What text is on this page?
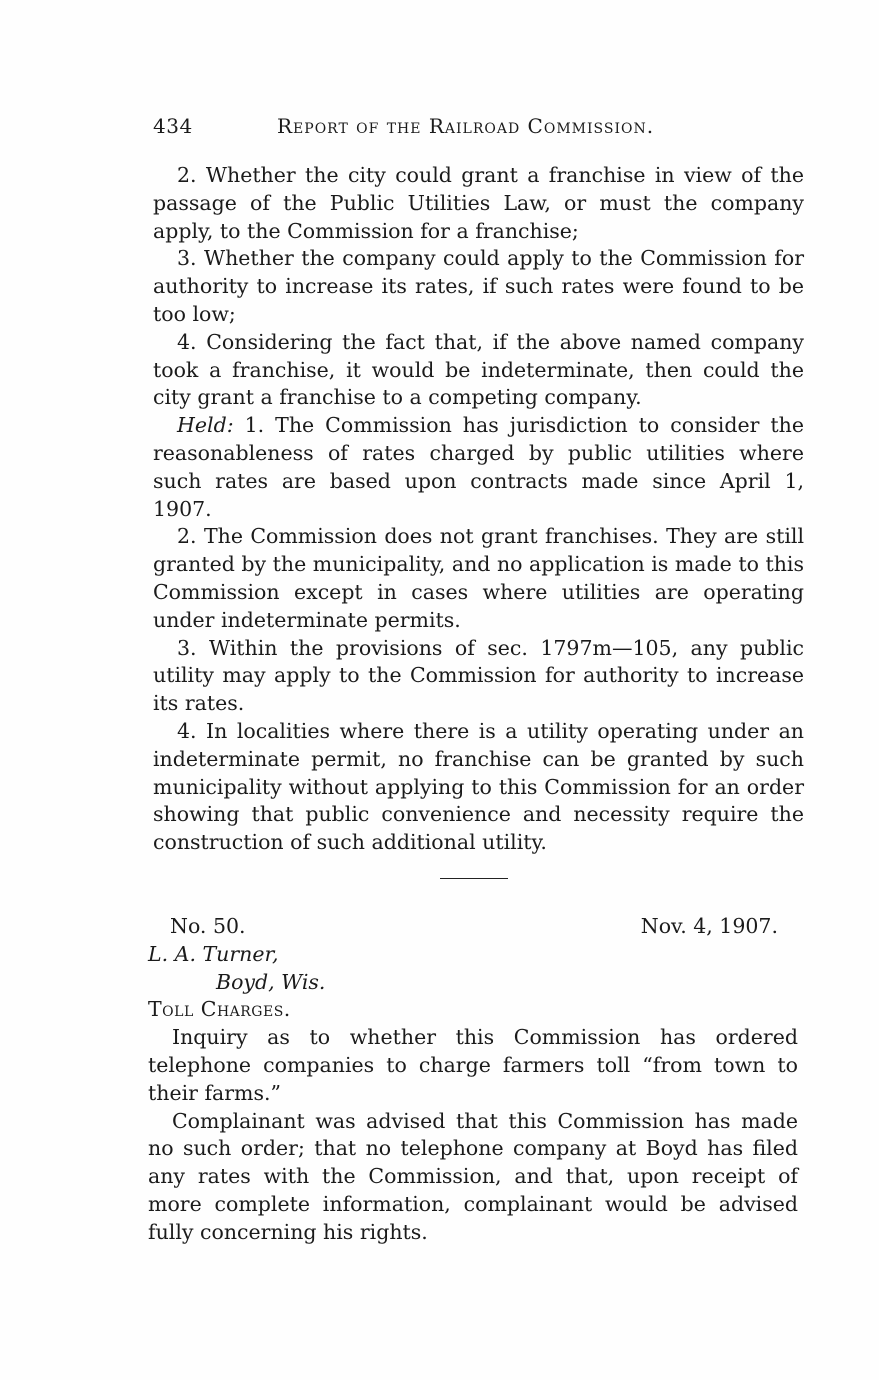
434	Report of the Railroad Commission.

2. Whether the city could grant a franchise in view of the passage of the Public Utilities Law, or must the company apply, to the Commission for a franchise;

3. Whether the company could apply to the Commission for authority to increase its rates, if such rates were found to be too low;

4. Considering the fact that, if the above named company took a franchise, it would be indeterminate, then could the city grant a franchise to a competing company.

Held: 1. The Commission has jurisdiction to consider the reasonableness of rates charged by public utilities where such rates are based upon contracts made since April 1, 1907.

2. The Commission does not grant franchises. They are still granted by the municipality, and no application is made to this Commission except in cases where utilities are operating under indeterminate permits.

3. Within the provisions of sec. 1797m—105, any public utility may apply to the Commission for authority to increase its rates.

4. In localities where there is a utility operating under an indeterminate permit, no franchise can be granted by such municipality without applying to this Commission for an order showing that public convenience and necessity require the construction of such additional utility.

No. 50.	Nov. 4, 1907.
L. A. Turner,
Boyd, Wis.
Toll Charges.

Inquiry as to whether this Commission has ordered telephone companies to charge farmers toll “from town to their farms.”

Complainant was advised that this Commission has made no such order; that no telephone company at Boyd has filed any rates with the Commission, and that, upon receipt of more complete information, complainant would be advised fully concerning his rights.
